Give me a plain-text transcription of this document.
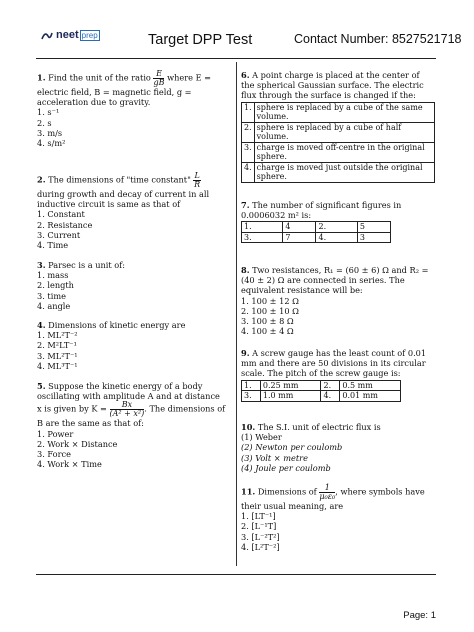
neet prep	Target DPP Test	Contact Number: 8527521718
1. Find the unit of the ratio $\frac{E}{gB}$ where E =
electric field, B = magnetic field, g = acceleration due to gravity.
1. s⁻¹
2. s
3. m/s
4. s/m²
2. The dimensions of "time constant" $\frac{L}{R}$
during growth and decay of current in all inductive circuit is same as that of
1. Constant
2. Resistance
3. Current
4. Time
3. Parsec is a unit of:
1. mass
2. length
3. time
4. angle
4. Dimensions of kinetic energy are
1. ML²T⁻²
2. M²LT⁻¹
3. ML²T⁻¹
4. ML³T⁻¹
5. Suppose the kinetic energy of a body oscillating with amplitude A and at distance x is given by $K = \frac{Bx}{\text{(A² + x²)}}$ . The dimensions of B are the same as that of:
1. Power
2. Work × Distance
3. Force
4. Work × Time
6. A point charge is placed at the center of the spherical Gaussian surface. The electric flux through the surface is changed if the:
1.	sphere is replaced by a cube of the same volume.
2.	sphere is replaced by a cube of half volume.
3.	charge is moved off-centre in the original sphere.
4.	charge is moved just outside the original sphere.
7. The number of significant figures in 0.0006032 m² is:
1.	4	2.	5
3.	7	4.	3
8. Two resistances, R₁ = (60 ± 6) Ω and R₂ = (40 ± 2) Ω are connected in series. The equivalent resistance will be:
1. 100 ± 12 Ω
2. 100 ± 10 Ω
3. 100 ± 8 Ω
4. 100 ± 4 Ω
9. A screw gauge has the least count of 0.01 mm and there are 50 divisions in its circular scale. The pitch of the screw gauge is:
1.	0.25 mm	2.	0.5 mm
3.	1.0 mm	4.	0.01 mm
10. The S.I. unit of electric flux is
(1) Weber
(2) Newton per coulomb
(3) Volt × metre
(4) Joule per coulomb
11. Dimensions of $\frac{1}{\text{μ₀ε₀}}$ , where symbols have their usual meaning, are
1. [LT⁻¹]
2. [L⁻¹T]
3. [L⁻²T²]
4. [L²T⁻²]
Page: 1
